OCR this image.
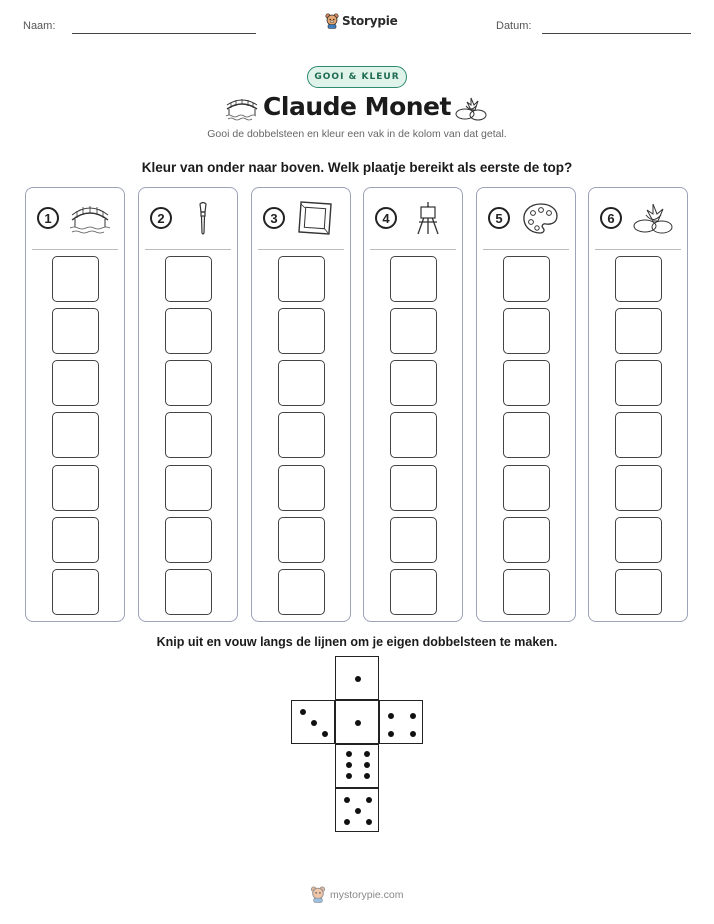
Naam:	Storypie	Datum:
GOOI & KLEUR
Claude Monet
Gooi de dobbelsteen en kleur een vak in de kolom van dat getal.
Kleur van onder naar boven. Welk plaatje bereikt als eerste de top?
1	2	3	4	5	6
Knip uit en vouw langs de lijnen om je eigen dobbelsteen te maken.
mystorypie.com
